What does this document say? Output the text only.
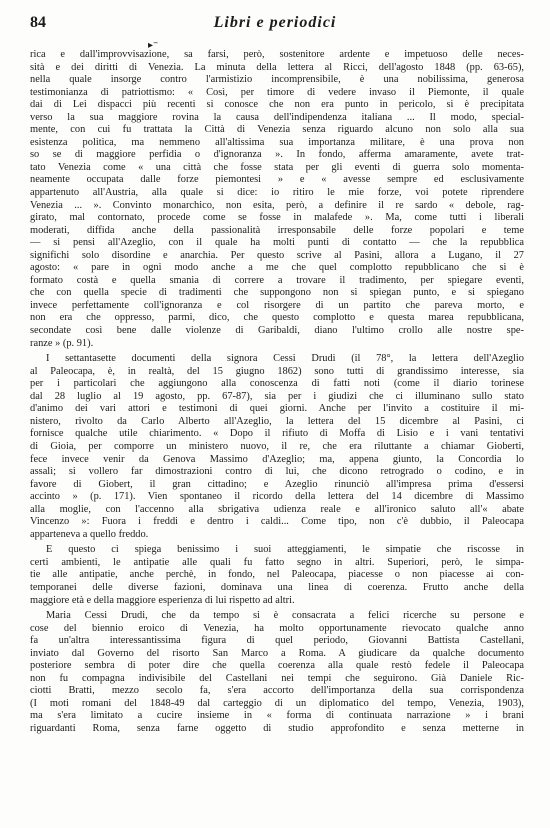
84	Libri e periodici
▸⁻
rica e dall'improvvisazione, sa farsi, però, sostenitore ardente e impetuoso delle neces-
sità e dei diritti di Venezia. La minuta della lettera al Ricci, dell'agosto 1848 (pp. 63-65),
nella quale insorge contro l'armistizio incomprensibile, è una nobilissima, generosa
testimonianza di patriottismo: « Così, per timore di vedere invaso il Piemonte, il quale
dai di Lei dispacci più recenti si conosce che non era punto in pericolo, si è precipitata
verso la sua maggiore rovina la causa dell'indipendenza italiana ... Il modo, special-
mente, con cui fu trattata la Città di Venezia senza riguardo alcuno non solo alla sua
esistenza politica, ma nemmeno all'altissima sua importanza militare, è una prova non
so se di maggiore perfidia o d'ignoranza ». In fondo, afferma amaramente, avete trat-
tato Venezia come « una città che fosse stata per gli eventi di guerra solo momenta-
neamente occupata dalle forze piemontesi » e « avesse sempre ed esclusivamente
appartenuto all'Austria, alla quale si dice: io ritiro le mie forze, voi potete riprendere
Venezia ... ». Convinto monarchico, non esita, però, a definire il re sardo « debole, rag-
girato, mal contornato, procede come se fosse in malafede ». Ma, come tutti i liberali
moderati, diffida anche della passionalità irresponsabile delle forze popolari e teme
— si pensi all'Azeglio, con il quale ha molti punti di contatto — che la repubblica
significhi solo disordine e anarchia. Per questo scrive al Pasini, allora a Lugano, il 27
agosto: « pare in ogni modo anche a me che quel complotto repubblicano che si è
formato costà e quella smania di correre a trovare il tradimento, per spiegare eventi,
che con quella specie di tradimenti che suppongono non si spiegan punto, e si spiegano
invece perfettamente coll'ignoranza e col risorgere di un partito che pareva morto, e
non era che oppresso, parmi, dico, che questo complotto e questa marea repubblicana,
secondate così bene dalle violenze di Garibaldi, diano l'ultimo crollo alle nostre spe-
ranze » (p. 91).
I settantasette documenti della signora Cessi Drudi (il 78°, la lettera dell'Azeglio
al Paleocapa, è, in realtà, del 15 giugno 1862) sono tutti di grandissimo interesse, sia
per i particolari che aggiungono alla conoscenza di fatti noti (come il diario torinese
dal 28 luglio al 19 agosto, pp. 67-87), sia per i giudizi che ci illuminano sullo stato
d'animo dei vari attori e testimoni di quei giorni. Anche per l'invito a costituire il mi-
nistero, rivolto da Carlo Alberto all'Azeglio, la lettera del 15 dicembre al Pasini, ci
fornisce qualche utile chiarimento. « Dopo il rifiuto di Moffa di Lisio e i vani tentativi
di Gioia, per comporre un ministero nuovo, il re, che era riluttante a chiamar Gioberti,
fece invece venir da Genova Massimo d'Azeglio; ma, appena giunto, la Concordia lo
assalì; si vollero far dimostrazioni contro di lui, che dicono retrogrado o codino, e in
favore di Giobert, il gran cittadino; e Azeglio rinunciò all'impresa prima d'essersi
accinto » (p. 171). Vien spontaneo il ricordo della lettera del 14 dicembre di Massimo
alla moglie, con l'accenno alla sbrigativa udienza reale e all'ironico saluto all'« abate
Vincenzo »: Fuora i freddi e dentro i caldi... Come tipo, non c'è dubbio, il Paleocapa
apparteneva a quello freddo.
E questo ci spiega benissimo i suoi atteggiamenti, le simpatie che riscosse in
certi ambienti, le antipatie alle quali fu fatto segno in altri. Superiori, però, le simpa-
tie alle antipatie, anche perchè, in fondo, nel Paleocapa, piacesse o non piacesse ai con-
temporanei delle diverse fazioni, dominava una linea di coerenza. Frutto anche della
maggiore età e della maggiore esperienza di lui rispetto ad altri.
Maria Cessi Drudi, che da tempo si è consacrata a felici ricerche su persone e
cose del biennio eroico di Venezia, ha molto opportunamente rievocato qualche anno
fa un'altra interessantissima figura di quel periodo, Giovanni Battista Castellani,
inviato dal Governo del risorto San Marco a Roma. A giudicare da qualche documento
posteriore sembra di poter dire che quella coerenza alla quale restò fedele il Paleocapa
non fu compagna indivisibile del Castellani nei tempi che seguirono. Già Daniele Ric-
ciotti Bratti, mezzo secolo fa, s'era accorto dell'importanza della sua corrispondenza
(I moti romani del 1848-49 dal carteggio di un diplomatico del tempo, Venezia, 1903),
ma s'era limitato a cucire insieme in « forma di continuata narrazione » i brani
riguardanti Roma, senza farne oggetto di studio approfondito e senza metterne in
